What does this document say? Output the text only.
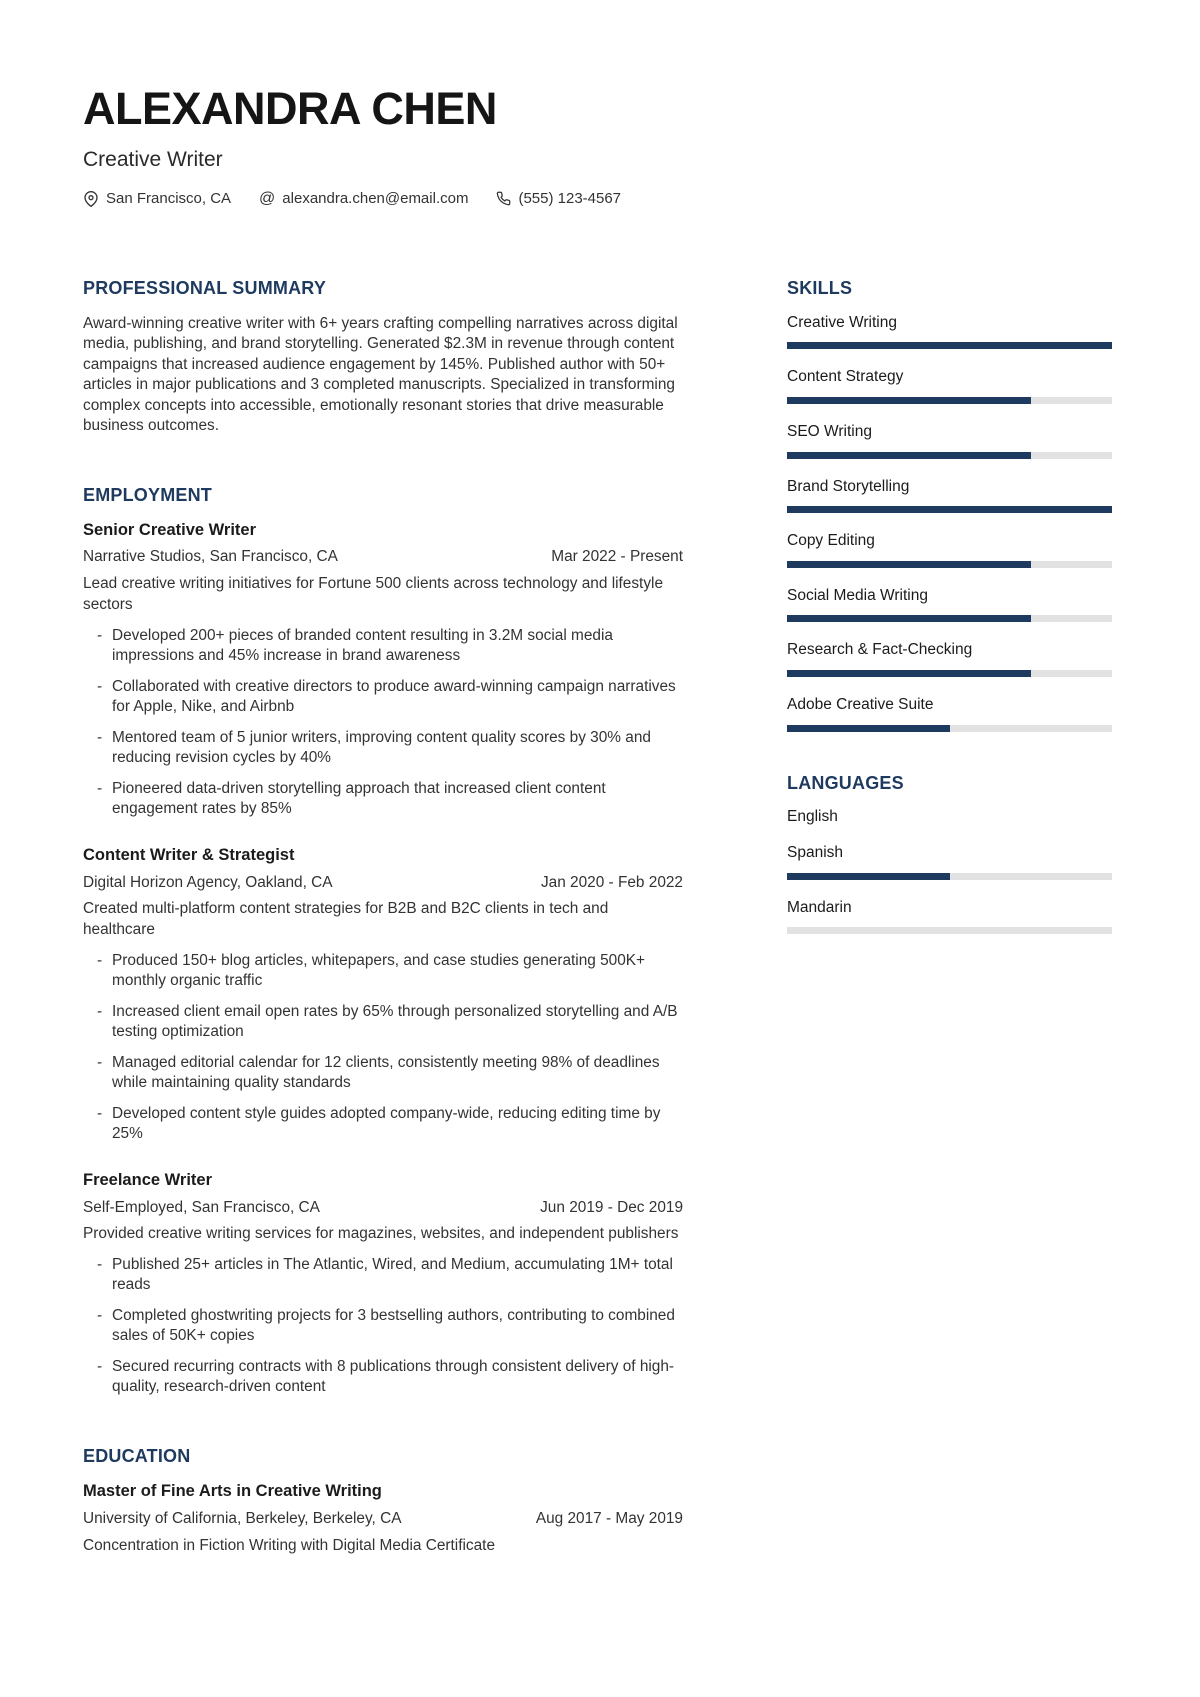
ALEXANDRA CHEN
Creative Writer
San Francisco, CA @ alexandra.chen@email.com	(555) 123-4567
PROFESSIONAL SUMMARY

Award-winning creative writer with 6+ years crafting compelling narratives across digital media, publishing, and brand storytelling. Generated $2.3M in revenue through content campaigns that increased audience engagement by 145%. Published author with 50+ articles in major publications and 3 completed manuscripts. Specialized in transforming complex concepts into accessible, emotionally resonant stories that drive measurable business outcomes.

EMPLOYMENT
Senior Creative Writer
Narrative Studios, San Francisco, CA	Mar 2022 - Present
Lead creative writing initiatives for Fortune 500 clients across technology and lifestyle sectors
-
Developed 200+ pieces of branded content resulting in 3.2M social media impressions and 45% increase in brand awareness
-
Collaborated with creative directors to produce award-winning campaign narratives for Apple, Nike, and Airbnb
-
Mentored team of 5 junior writers, improving content quality scores by 30% and reducing revision cycles by 40%
-
Pioneered data-driven storytelling approach that increased client content engagement rates by 85%
Content Writer & Strategist
Digital Horizon Agency, Oakland, CA	Jan 2020 - Feb 2022
Created multi-platform content strategies for B2B and B2C clients in tech and healthcare
-
Produced 150+ blog articles, whitepapers, and case studies generating 500K+ monthly organic traffic
-
Increased client email open rates by 65% through personalized storytelling and A/B testing optimization
-
Managed editorial calendar for 12 clients, consistently meeting 98% of deadlines while maintaining quality standards
-
Developed content style guides adopted company-wide, reducing editing time by 25%
Freelance Writer
Self-Employed, San Francisco, CA	Jun 2019 - Dec 2019
Provided creative writing services for magazines, websites, and independent publishers
-
Published 25+ articles in The Atlantic, Wired, and Medium, accumulating 1M+ total reads
-
Completed ghostwriting projects for 3 bestselling authors, contributing to combined sales of 50K+ copies
-
Secured recurring contracts with 8 publications through consistent delivery of high-quality, research-driven content
EDUCATION
Master of Fine Arts in Creative Writing
University of California, Berkeley, Berkeley, CA	Aug 2017 - May 2019
Concentration in Fiction Writing with Digital Media Certificate
SKILLS
Creative Writing
Content Strategy
SEO Writing
Brand Storytelling
Copy Editing
Social Media Writing
Research & Fact-Checking
Adobe Creative Suite
LANGUAGES
English
Spanish
Mandarin
